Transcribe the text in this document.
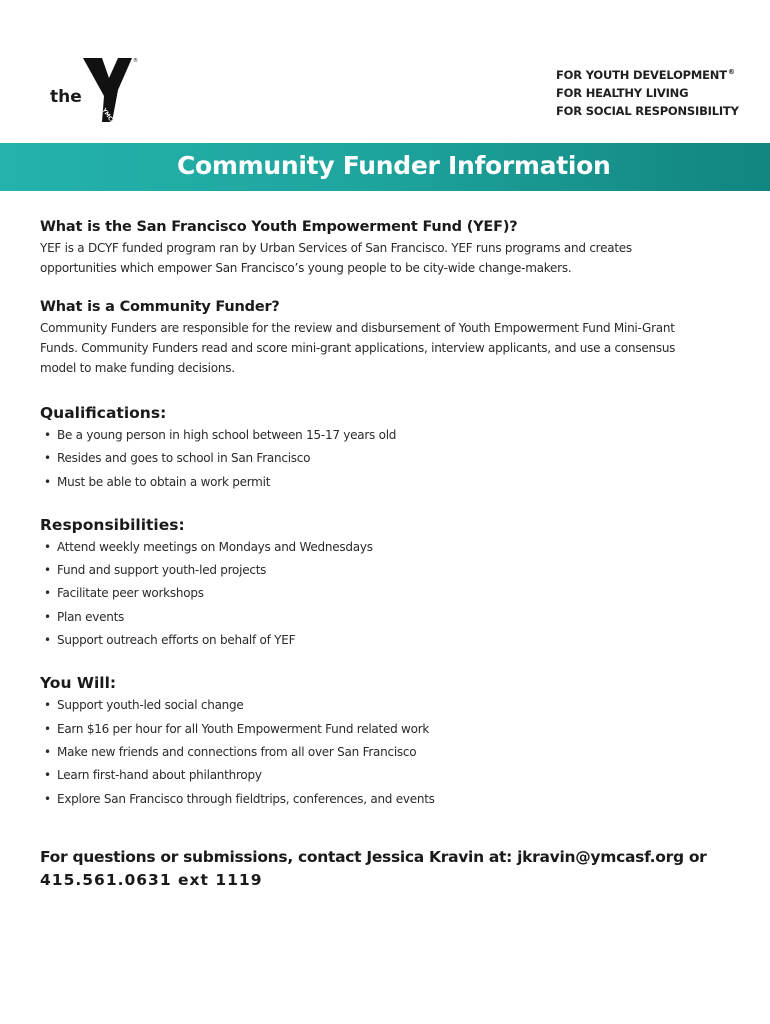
the
YMCA
®
FOR YOUTH DEVELOPMENT®
FOR HEALTHY LIVING
FOR SOCIAL RESPONSIBILITY
Community Funder Information
What is the San Francisco Youth Empowerment Fund (YEF)?

YEF is a DCYF funded program ran by Urban Services of San Francisco. YEF runs programs and creates
opportunities which empower San Francisco’s young people to be city-wide change-makers.

What is a Community Funder?

Community Funders are responsible for the review and disbursement of Youth Empowerment Fund Mini-Grant
Funds. Community Funders read and score mini-grant applications, interview applicants, and use a consensus
model to make funding decisions.

Qualifications:
• Be a young person in high school between 15-17 years old
• Resides and goes to school in San Francisco
• Must be able to obtain a work permit
Responsibilities:
• Attend weekly meetings on Mondays and Wednesdays
• Fund and support youth-led projects
• Facilitate peer workshops
• Plan events
• Support outreach efforts on behalf of YEF
You Will:
• Support youth-led social change
• Earn $16 per hour for all Youth Empowerment Fund related work
• Make new friends and connections from all over San Francisco
• Learn first-hand about philanthropy
• Explore San Francisco through fieldtrips, conferences, and events
For questions or submissions, contact Jessica Kravin at: jkravin@ymcasf.org or
415.561.0631 ext 1119
